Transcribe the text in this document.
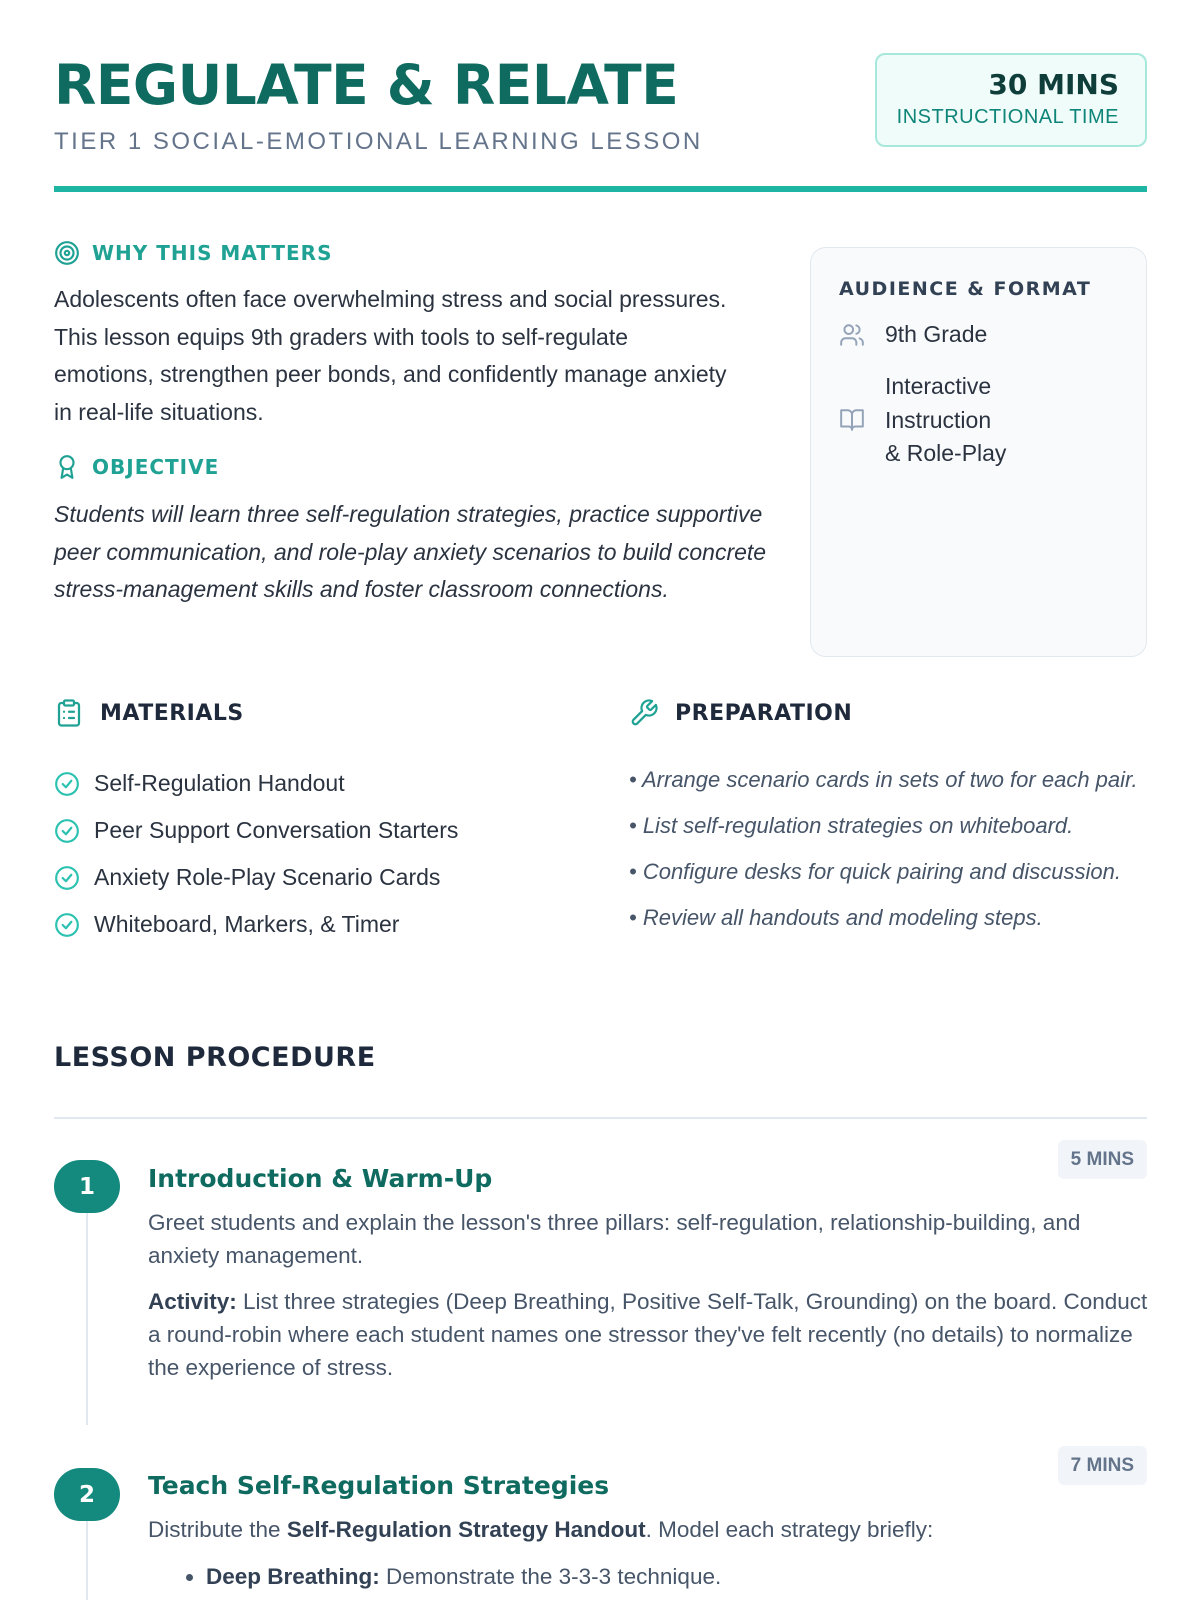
REGULATE & RELATE
TIER 1 SOCIAL-EMOTIONAL LEARNING LESSON
30 MINS
INSTRUCTIONAL TIME
WHY THIS MATTERS

Adolescents often face overwhelming stress and social pressures. This lesson equips 9th graders with tools to self-regulate emotions, strengthen peer bonds, and confidently manage anxiety in real-life situations.

OBJECTIVE

Students will learn three self-regulation strategies, practice supportive peer communication, and role-play anxiety scenarios to build concrete stress-management skills and foster classroom connections.

AUDIENCE & FORMAT
9th Grade
Interactive
Instruction
& Role-Play
MATERIALS
Self-Regulation Handout
Peer Support Conversation Starters
Anxiety Role-Play Scenario Cards
Whiteboard, Markers, & Timer
PREPARATION
• Arrange scenario cards in sets of two for each pair.
• List self-regulation strategies on whiteboard.
• Configure desks for quick pairing and discussion.
• Review all handouts and modeling steps.
LESSON PROCEDURE
1	Introduction & Warm-Up
5 MINS

Greet students and explain the lesson's three pillars: self-regulation, relationship-building, and anxiety management.

Activity: List three strategies (Deep Breathing, Positive Self-Talk, Grounding) on the board. Conduct a round-robin where each student names one stressor they've felt recently (no details) to normalize the experience of stress.

2	Teach Self-Regulation Strategies
7 MINS

Distribute the Self-Regulation Strategy Handout. Model each strategy briefly:

• Deep Breathing: Demonstrate the 3-3-3 technique.
